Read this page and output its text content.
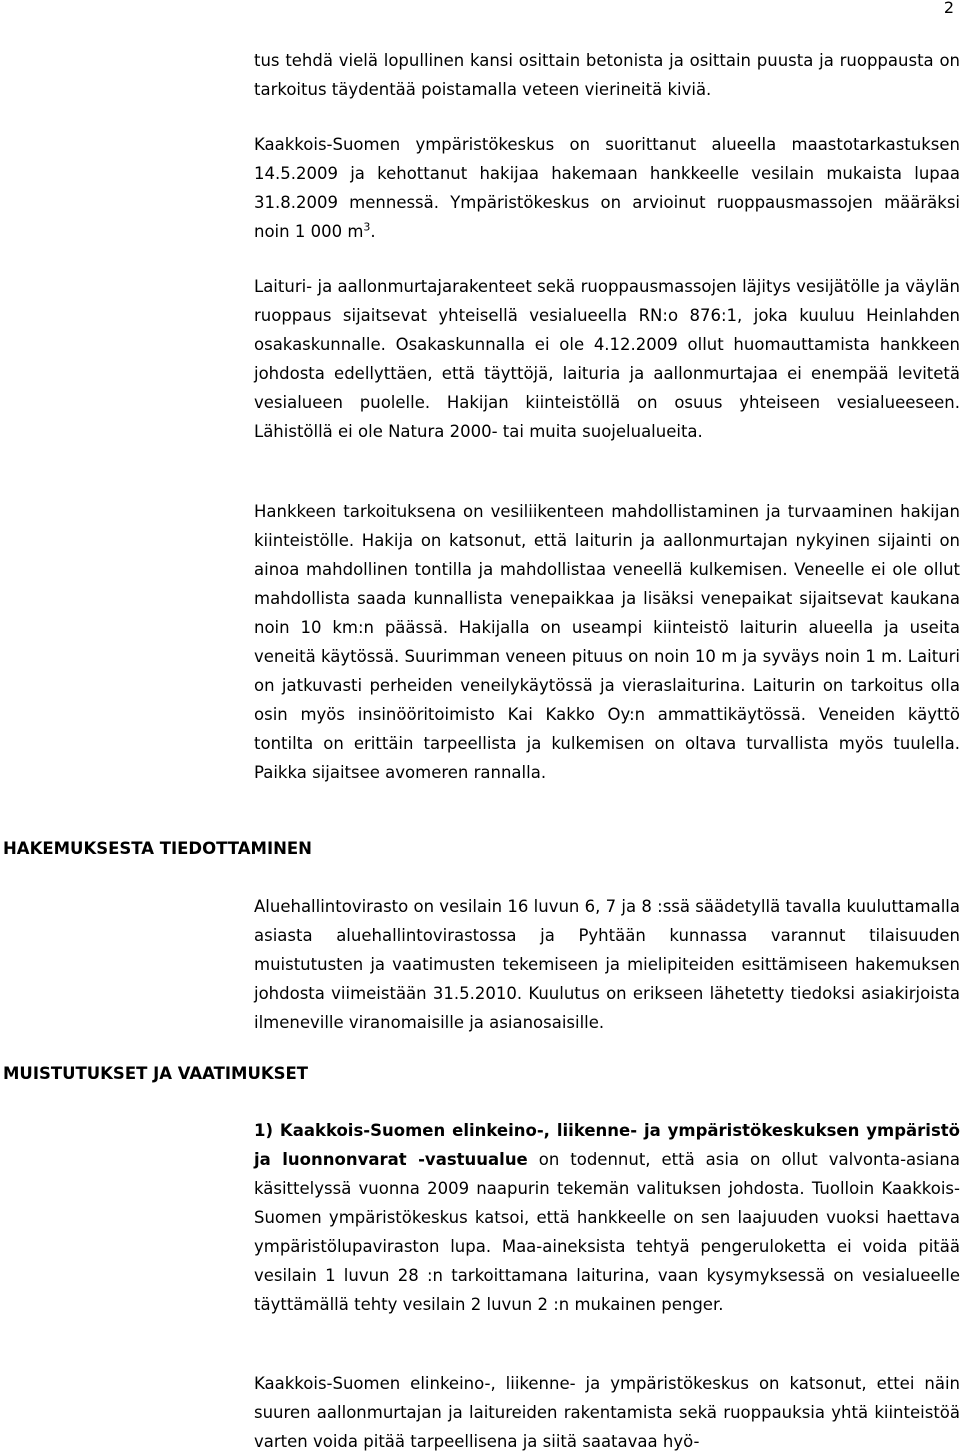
2

tus tehdä vielä lopullinen kansi osittain betonista ja osittain puusta ja ruoppausta on tarkoitus täydentää poistamalla veteen vierineitä kiviä.

Kaakkois-Suomen ympäristökeskus on suorittanut alueella maastotarkastuksen 14.5.2009 ja kehottanut hakijaa hakemaan hankkeelle vesilain mukaista lupaa 31.8.2009 mennessä. Ympäristökeskus on arvioinut ruoppausmassojen määräksi noin 1 000 $m^3$.

Laituri- ja aallonmurtajarakenteet sekä ruoppausmassojen läjitys vesijätölle ja väylän ruoppaus sijaitsevat yhteisellä vesialueella RN:o 876:1, joka kuuluu Heinlahden osakaskunnalle. Osakaskunnalla ei ole 4.12.2009 ollut huomauttamista hankkeen johdosta edellyttäen, että täyttöjä, laituria ja aallonmurtajaa ei enempää levitetä vesialueen puolelle. Hakijan kiinteistöllä on osuus yhteiseen vesialueeseen. Lähistöllä ei ole Natura 2000- tai muita suojelualueita.

Hankkeen tarkoituksena on vesiliikenteen mahdollistaminen ja turvaaminen hakijan kiinteistölle. Hakija on katsonut, että laiturin ja aallonmurtajan nykyinen sijainti on ainoa mahdollinen tontilla ja mahdollistaa veneellä kulkemisen. Veneelle ei ole ollut mahdollista saada kunnallista venepaikkaa ja lisäksi venepaikat sijaitsevat kaukana noin 10 km:n päässä. Hakijalla on useampi kiinteistö laiturin alueella ja useita veneitä käytössä. Suurimman veneen pituus on noin 10 m ja syväys noin 1 m. Laituri on jatkuvasti perheiden veneilykäytössä ja vieraslaiturina. Laiturin on tarkoitus olla osin myös insinööritoimisto Kai Kakko Oy:n ammattikäytössä. Veneiden käyttö tontilta on erittäin tarpeellista ja kulkemisen on oltava turvallista myös tuulella. Paikka sijaitsee avomeren rannalla.

HAKEMUKSESTA TIEDOTTAMINEN

Aluehallintovirasto on vesilain 16 luvun 6, 7 ja 8 :ssä säädetyllä tavalla kuuluttamalla asiasta aluehallintovirastossa ja Pyhtään kunnassa varannut tilaisuuden muistutusten ja vaatimusten tekemiseen ja mielipiteiden esittämiseen hakemuksen johdosta viimeistään 31.5.2010. Kuulutus on erikseen lähetetty tiedoksi asiakirjoista ilmeneville viranomaisille ja asianosaisille.

MUISTUTUKSET JA VAATIMUKSET

1) Kaakkois-Suomen elinkeino-, liikenne- ja ympäristökeskuksen ympäristö ja luonnonvarat -vastuualue on todennut, että asia on ollut valvonta-asiana käsittelyssä vuonna 2009 naapurin tekemän valituksen johdosta. Tuolloin Kaakkois-Suomen ympäristökeskus katsoi, että hankkeelle on sen laajuuden vuoksi haettava ympäristölupaviraston lupa. Maa-aineksista tehtyä pengerulokettа ei voida pitää vesilain 1 luvun 28 :n tarkoittamana laiturina, vaan kysymyksessä on vesialueelle täyttämällä tehty vesilain 2 luvun 2 :n mukainen penger.

Kaakkois-Suomen elinkeino-, liikenne- ja ympäristökeskus on katsonut, ettei näin suuren aallonmurtajan ja laitureiden rakentamista sekä ruoppauksia yhtä kiinteistöä varten voida pitää tarpeellisena ja siitä saatavaa hyö-
